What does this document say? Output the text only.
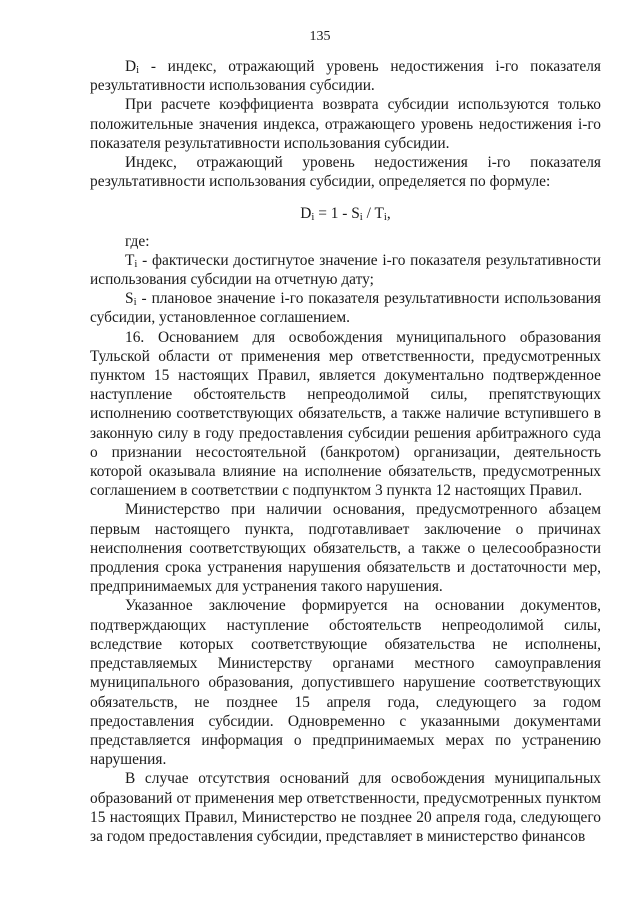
135

$D_i$ - индекс, отражающий уровень недостижения i-го показателя результативности использования субсидии.

При расчете коэффициента возврата субсидии используются только положительные значения индекса, отражающего уровень недостижения i-го показателя результативности использования субсидии.

Индекс, отражающий уровень недостижения i-го показателя результативности использования субсидии, определяется по формуле:

$D_i = 1 - S_i / T_i$,

где:

$T_i$ - фактически достигнутое значение i-го показателя результативности использования субсидии на отчетную дату;

$S_i$ - плановое значение i-го показателя результативности использования субсидии, установленное соглашением.

16. Основанием для освобождения муниципального образования Тульской области от применения мер ответственности, предусмотренных пунктом 15 настоящих Правил, является документально подтвержденное наступление обстоятельств непреодолимой силы, препятствующих исполнению соответствующих обязательств, а также наличие вступившего в законную силу в году предоставления субсидии решения арбитражного суда о признании несостоятельной (банкротом) организации, деятельность которой оказывала влияние на исполнение обязательств, предусмотренных соглашением в соответствии с подпунктом 3 пункта 12 настоящих Правил.

Министерство при наличии основания, предусмотренного абзацем первым настоящего пункта, подготавливает заключение о причинах неисполнения соответствующих обязательств, а также о целесообразности продления срока устранения нарушения обязательств и достаточности мер, предпринимаемых для устранения такого нарушения.

Указанное заключение формируется на основании документов, подтверждающих наступление обстоятельств непреодолимой силы, вследствие которых соответствующие обязательства не исполнены, представляемых Министерству органами местного самоуправления муниципального образования, допустившего нарушение соответствующих обязательств, не позднее 15 апреля года, следующего за годом предоставления субсидии. Одновременно с указанными документами представляется информация о предпринимаемых мерах по устранению нарушения.

В случае отсутствия оснований для освобождения муниципальных образований от применения мер ответственности, предусмотренных пунктом 15 настоящих Правил, Министерство не позднее 20 апреля года, следующего за годом предоставления субсидии, представляет в министерство финансов
